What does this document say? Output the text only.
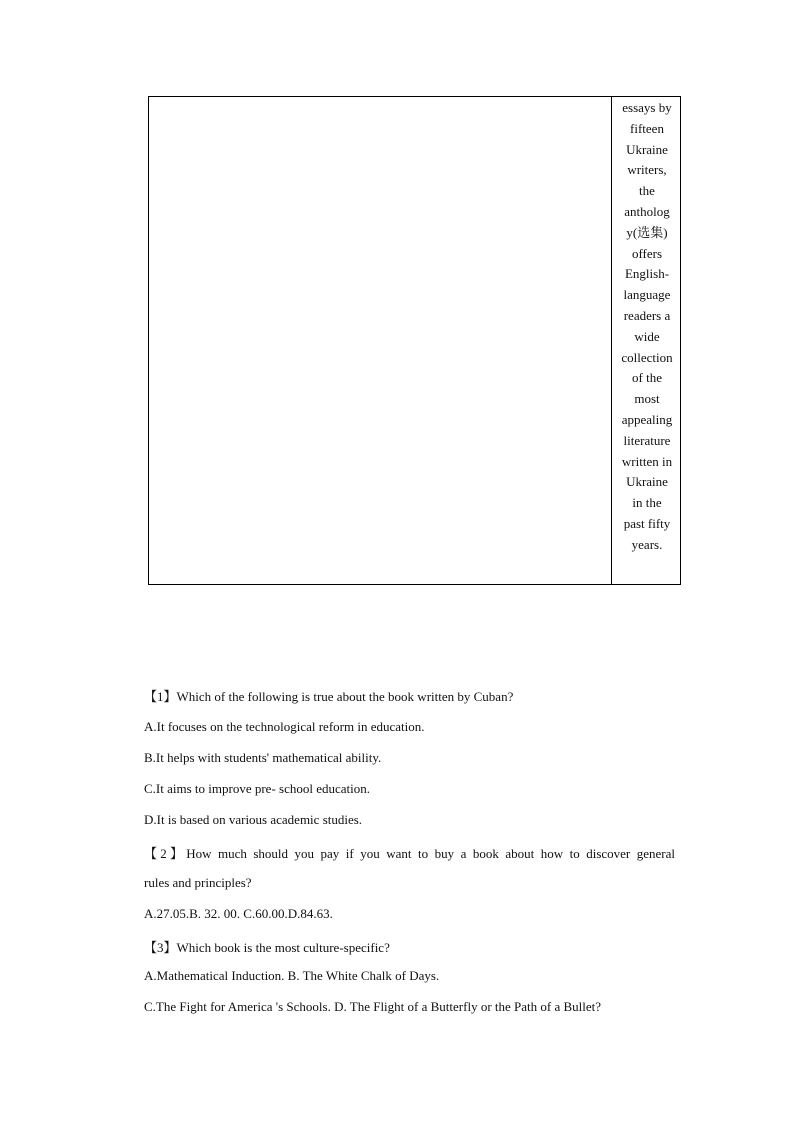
essays by
fifteen
Ukraine
writers,
the
antholog
y(选集)
offers
English-
language
readers a
wide
collection
of the
most
appealing
literature
written in
Ukraine
in the
past fifty
years.
【1】Which of the following is true about the book written by Cuban?
A.It focuses on the technological reform in education.
B.It helps with students' mathematical ability.
C.It aims to improve pre- school education.
D.It is based on various academic studies.
【2】How much should you pay if you want to buy a book about how to discover general
rules and principles?
A.27.05.B. 32. 00. C.60.00.D.84.63.
【3】Which book is the most culture-specific?
A.Mathematical Induction. B. The White Chalk of Days.
C.The Fight for America 's Schools. D. The Flight of a Butterfly or the Path of a Bullet?
